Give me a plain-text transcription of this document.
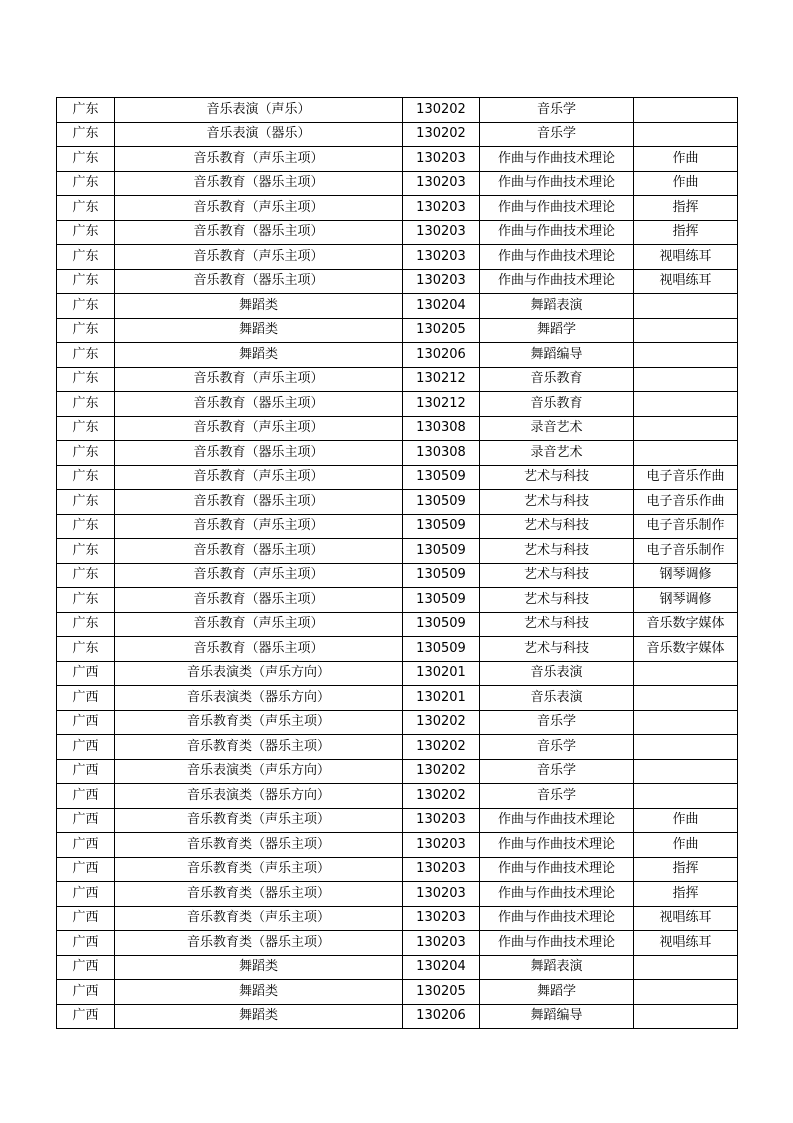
广东	音乐表演（声乐）	130202	音乐学	
广东	音乐表演（器乐）	130202	音乐学	
广东	音乐教育（声乐主项）	130203	作曲与作曲技术理论	作曲
广东	音乐教育（器乐主项）	130203	作曲与作曲技术理论	作曲
广东	音乐教育（声乐主项）	130203	作曲与作曲技术理论	指挥
广东	音乐教育（器乐主项）	130203	作曲与作曲技术理论	指挥
广东	音乐教育（声乐主项）	130203	作曲与作曲技术理论	视唱练耳
广东	音乐教育（器乐主项）	130203	作曲与作曲技术理论	视唱练耳
广东	舞蹈类	130204	舞蹈表演	
广东	舞蹈类	130205	舞蹈学	
广东	舞蹈类	130206	舞蹈编导	
广东	音乐教育（声乐主项）	130212	音乐教育	
广东	音乐教育（器乐主项）	130212	音乐教育	
广东	音乐教育（声乐主项）	130308	录音艺术	
广东	音乐教育（器乐主项）	130308	录音艺术	
广东	音乐教育（声乐主项）	130509	艺术与科技	电子音乐作曲
广东	音乐教育（器乐主项）	130509	艺术与科技	电子音乐作曲
广东	音乐教育（声乐主项）	130509	艺术与科技	电子音乐制作
广东	音乐教育（器乐主项）	130509	艺术与科技	电子音乐制作
广东	音乐教育（声乐主项）	130509	艺术与科技	钢琴调修
广东	音乐教育（器乐主项）	130509	艺术与科技	钢琴调修
广东	音乐教育（声乐主项）	130509	艺术与科技	音乐数字媒体
广东	音乐教育（器乐主项）	130509	艺术与科技	音乐数字媒体
广西	音乐表演类（声乐方向）	130201	音乐表演	
广西	音乐表演类（器乐方向）	130201	音乐表演	
广西	音乐教育类（声乐主项）	130202	音乐学	
广西	音乐教育类（器乐主项）	130202	音乐学	
广西	音乐表演类（声乐方向）	130202	音乐学	
广西	音乐表演类（器乐方向）	130202	音乐学	
广西	音乐教育类（声乐主项）	130203	作曲与作曲技术理论	作曲
广西	音乐教育类（器乐主项）	130203	作曲与作曲技术理论	作曲
广西	音乐教育类（声乐主项）	130203	作曲与作曲技术理论	指挥
广西	音乐教育类（器乐主项）	130203	作曲与作曲技术理论	指挥
广西	音乐教育类（声乐主项）	130203	作曲与作曲技术理论	视唱练耳
广西	音乐教育类（器乐主项）	130203	作曲与作曲技术理论	视唱练耳
广西	舞蹈类	130204	舞蹈表演	
广西	舞蹈类	130205	舞蹈学	
广西	舞蹈类	130206	舞蹈编导	
